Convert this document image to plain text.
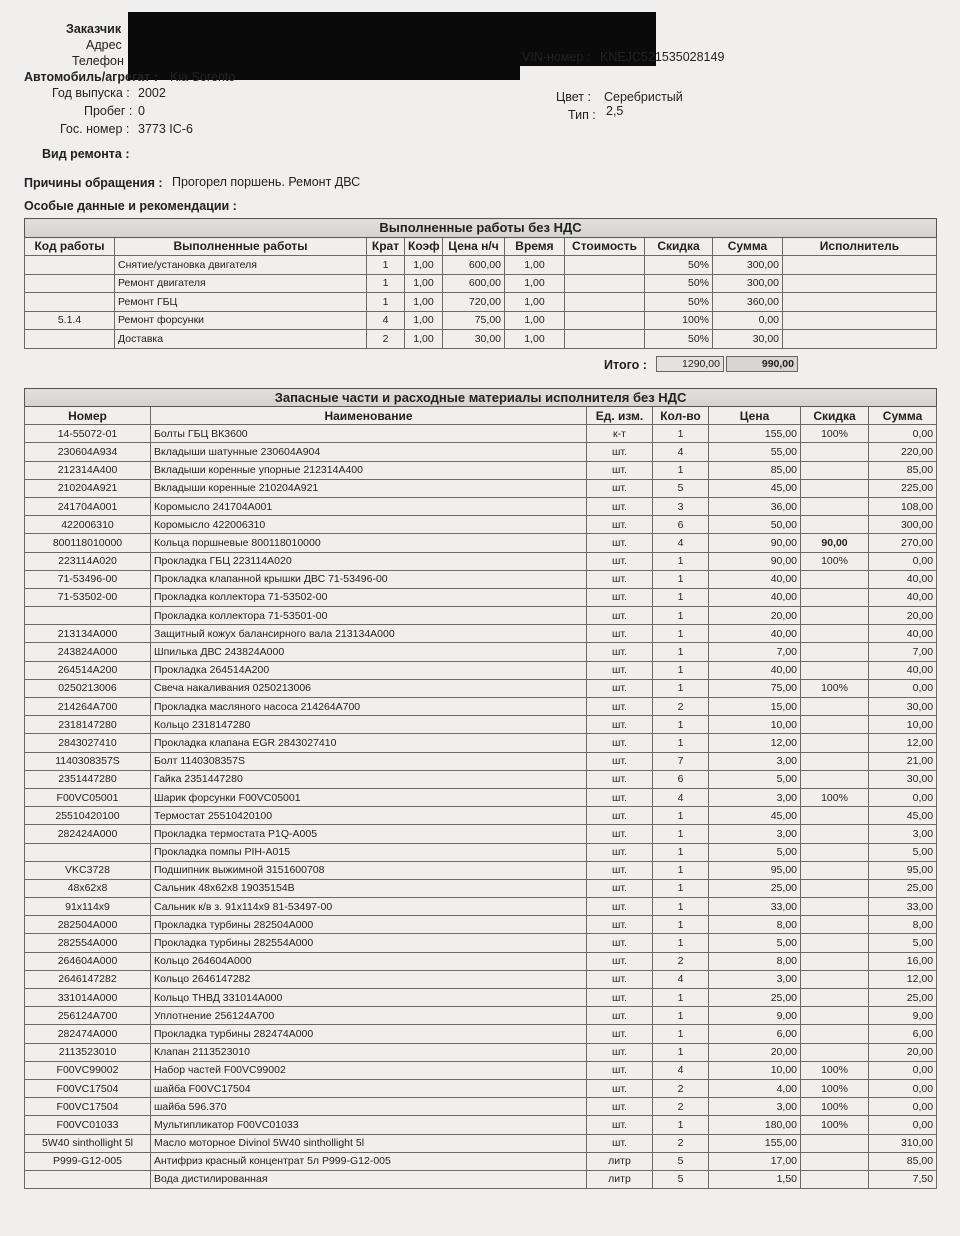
Заказчик
Адрес
Телефон	VIN-номер : KNEJC521535028149
Автомобиль/агрегат : Kia Sorento
Год выпуска : 2002
Пробег : 0
Гос. номер : 3773 IC-6
Цвет : Серебристый
Тип : 2,5
Вид ремонта :
Причины обращения : Прогорел поршень. Ремонт ДВС
Особые данные и рекомендации :
Выполненные работы без НДС									
Код работы	Выполненные работы	Крат	Коэф	Цена н/ч	Время	Стоимость	Скидка	Сумма	Исполнитель
	Снятие/установка двигателя	1	1,00	600,00	1,00		50%	300,00	
	Ремонт двигателя	1	1,00	600,00	1,00		50%	300,00	
	Ремонт ГБЦ	1	1,00	720,00	1,00		50%	360,00	
5.1.4	Ремонт форсунки	4	1,00	75,00	1,00		100%	0,00	
	Доставка	2	1,00	30,00	1,00		50%	30,00	
Итого :	1290,00	990,00
Запасные части и расходные материалы исполнителя без НДС						
Номер	Наименование	Ед. изм.	Кол-во	Цена	Скидка	Сумма
14-55072-01	Болты ГБЦ ВК3600	к-т	1	155,00	100%	0,00
230604A934	Вкладыши шатунные 230604А904	шт.	4	55,00		220,00
212314A400	Вкладыши коренные упорные 212314А400	шт.	1	85,00		85,00
210204A921	Вкладыши коренные 210204А921	шт.	5	45,00		225,00
241704A001	Коромысло 241704А001	шт.	3	36,00		108,00
422006310	Коромысло 422006310	шт.	6	50,00		300,00
800118010000	Кольца поршневые 800118010000	шт.	4	90,00	90,00	270,00
223114A020	Прокладка ГБЦ 223114А020	шт.	1	90,00	100%	0,00
71-53496-00	Прокладка клапанной крышки ДВС 71-53496-00	шт.	1	40,00		40,00
71-53502-00	Прокладка коллектора 71-53502-00	шт.	1	40,00		40,00
	Прокладка коллектора 71-53501-00	шт.	1	20,00		20,00
213134A000	Защитный кожух балансирного вала 213134А000	шт.	1	40,00		40,00
243824A000	Шпилька ДВС 243824А000	шт.	1	7,00		7,00
264514A200	Прокладка 264514А200	шт.	1	40,00		40,00
0250213006	Свеча накаливания 0250213006	шт.	1	75,00	100%	0,00
214264A700	Прокладка масляного насоса 214264А700	шт.	2	15,00		30,00
2318147280	Кольцо 2318147280	шт.	1	10,00		10,00
2843027410	Прокладка клапана EGR 2843027410	шт.	1	12,00		12,00
1140308357S	Болт 1140308357S	шт.	7	3,00		21,00
2351447280	Гайка 2351447280	шт.	6	5,00		30,00
F00VC05001	Шарик форсунки F00VC05001	шт.	4	3,00	100%	0,00
25510420100	Термостат 25510420100	шт.	1	45,00		45,00
282424A000	Прокладка термостата P1Q-A005	шт.	1	3,00		3,00
	Прокладка помпы PIH-A015	шт.	1	5,00		5,00
VKC3728	Подшипник выжимной 3151600708	шт.	1	95,00		95,00
48x62x8	Сальник 48x62x8 19035154B	шт.	1	25,00		25,00
91x114x9	Сальник к/в з. 91x114x9 81-53497-00	шт.	1	33,00		33,00
282504A000	Прокладка турбины 282504А000	шт.	1	8,00		8,00
282554A000	Прокладка турбины 282554А000	шт.	1	5,00		5,00
264604A000	Кольцо 264604А000	шт.	2	8,00		16,00
2646147282	Кольцо 2646147282	шт.	4	3,00		12,00
331014A000	Кольцо ТНВД 331014А000	шт.	1	25,00		25,00
256124A700	Уплотнение 256124А700	шт.	1	9,00		9,00
282474A000	Прокладка турбины 282474А000	шт.	1	6,00		6,00
2113523010	Клапан 2113523010	шт.	1	20,00		20,00
F00VC99002	Набор частей F00VC99002	шт.	4	10,00	100%	0,00
F00VC17504	шайба F00VC17504	шт.	2	4,00	100%	0,00
F00VC17504	шайба 596.370	шт.	2	3,00	100%	0,00
F00VC01033	Мультипликатор F00VC01033	шт.	1	180,00	100%	0,00
5W40 sinthollight 5l	Масло моторное Divinol 5W40 sinthollight 5l	шт.	2	155,00		310,00
P999-G12-005	Антифриз красный концентрат 5л P999-G12-005	литр	5	17,00		85,00
	Вода дистилированная	литр	5	1,50		7,50
